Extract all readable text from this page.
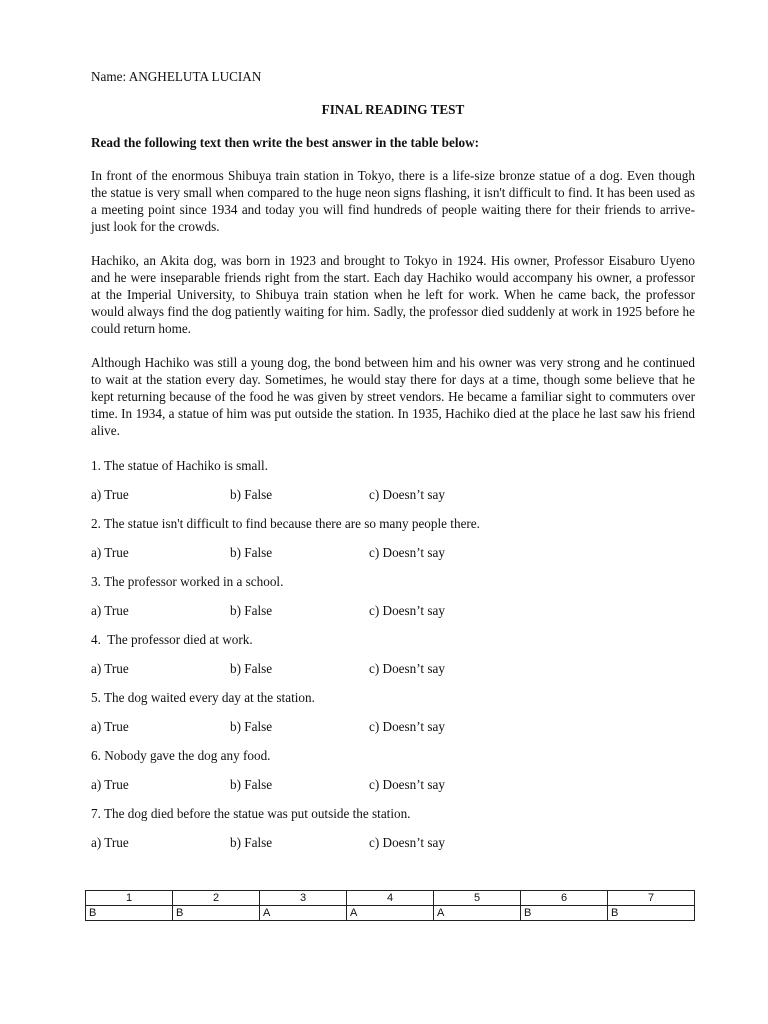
Name: ANGHELUTA LUCIAN
FINAL READING TEST
Read the following text then write the best answer in the table below:

In front of the enormous Shibuya train station in Tokyo, there is a life-size bronze statue of a dog. Even though the statue is very small when compared to the huge neon signs flashing, it isn't difficult to find. It has been used as a meeting point since 1934 and today you will find hundreds of people waiting there for their friends to arrive- just look for the crowds.

Hachiko, an Akita dog, was born in 1923 and brought to Tokyo in 1924. His owner, Professor Eisaburo Uyeno and he were inseparable friends right from the start. Each day Hachiko would accompany his owner, a professor at the Imperial University, to Shibuya train station when he left for work. When he came back, the professor would always find the dog patiently waiting for him. Sadly, the professor died suddenly at work in 1925 before he could return home.

Although Hachiko was still a young dog, the bond between him and his owner was very strong and he continued to wait at the station every day. Sometimes, he would stay there for days at a time, though some believe that he kept returning because of the food he was given by street vendors. He became a familiar sight to commuters over time. In 1934, a statue of him was put outside the station. In 1935, Hachiko died at the place he last saw his friend alive.

1. The statue of Hachiko is small.
a) True	b) False	c) Doesn’t say
2. The statue isn't difficult to find because there are so many people there.
a) True	b) False	c) Doesn’t say
3. The professor worked in a school.
a) True	b) False	c) Doesn’t say
4.  The professor died at work.
a) True	b) False	c) Doesn’t say
5. The dog waited every day at the station.
a) True	b) False	c) Doesn’t say
6. Nobody gave the dog any food.
a) True	b) False	c) Doesn’t say
7. The dog died before the statue was put outside the station.
a) True	b) False	c) Doesn’t say
1	2	3	4	5	6	7
B	B	A	A	A	B	B
